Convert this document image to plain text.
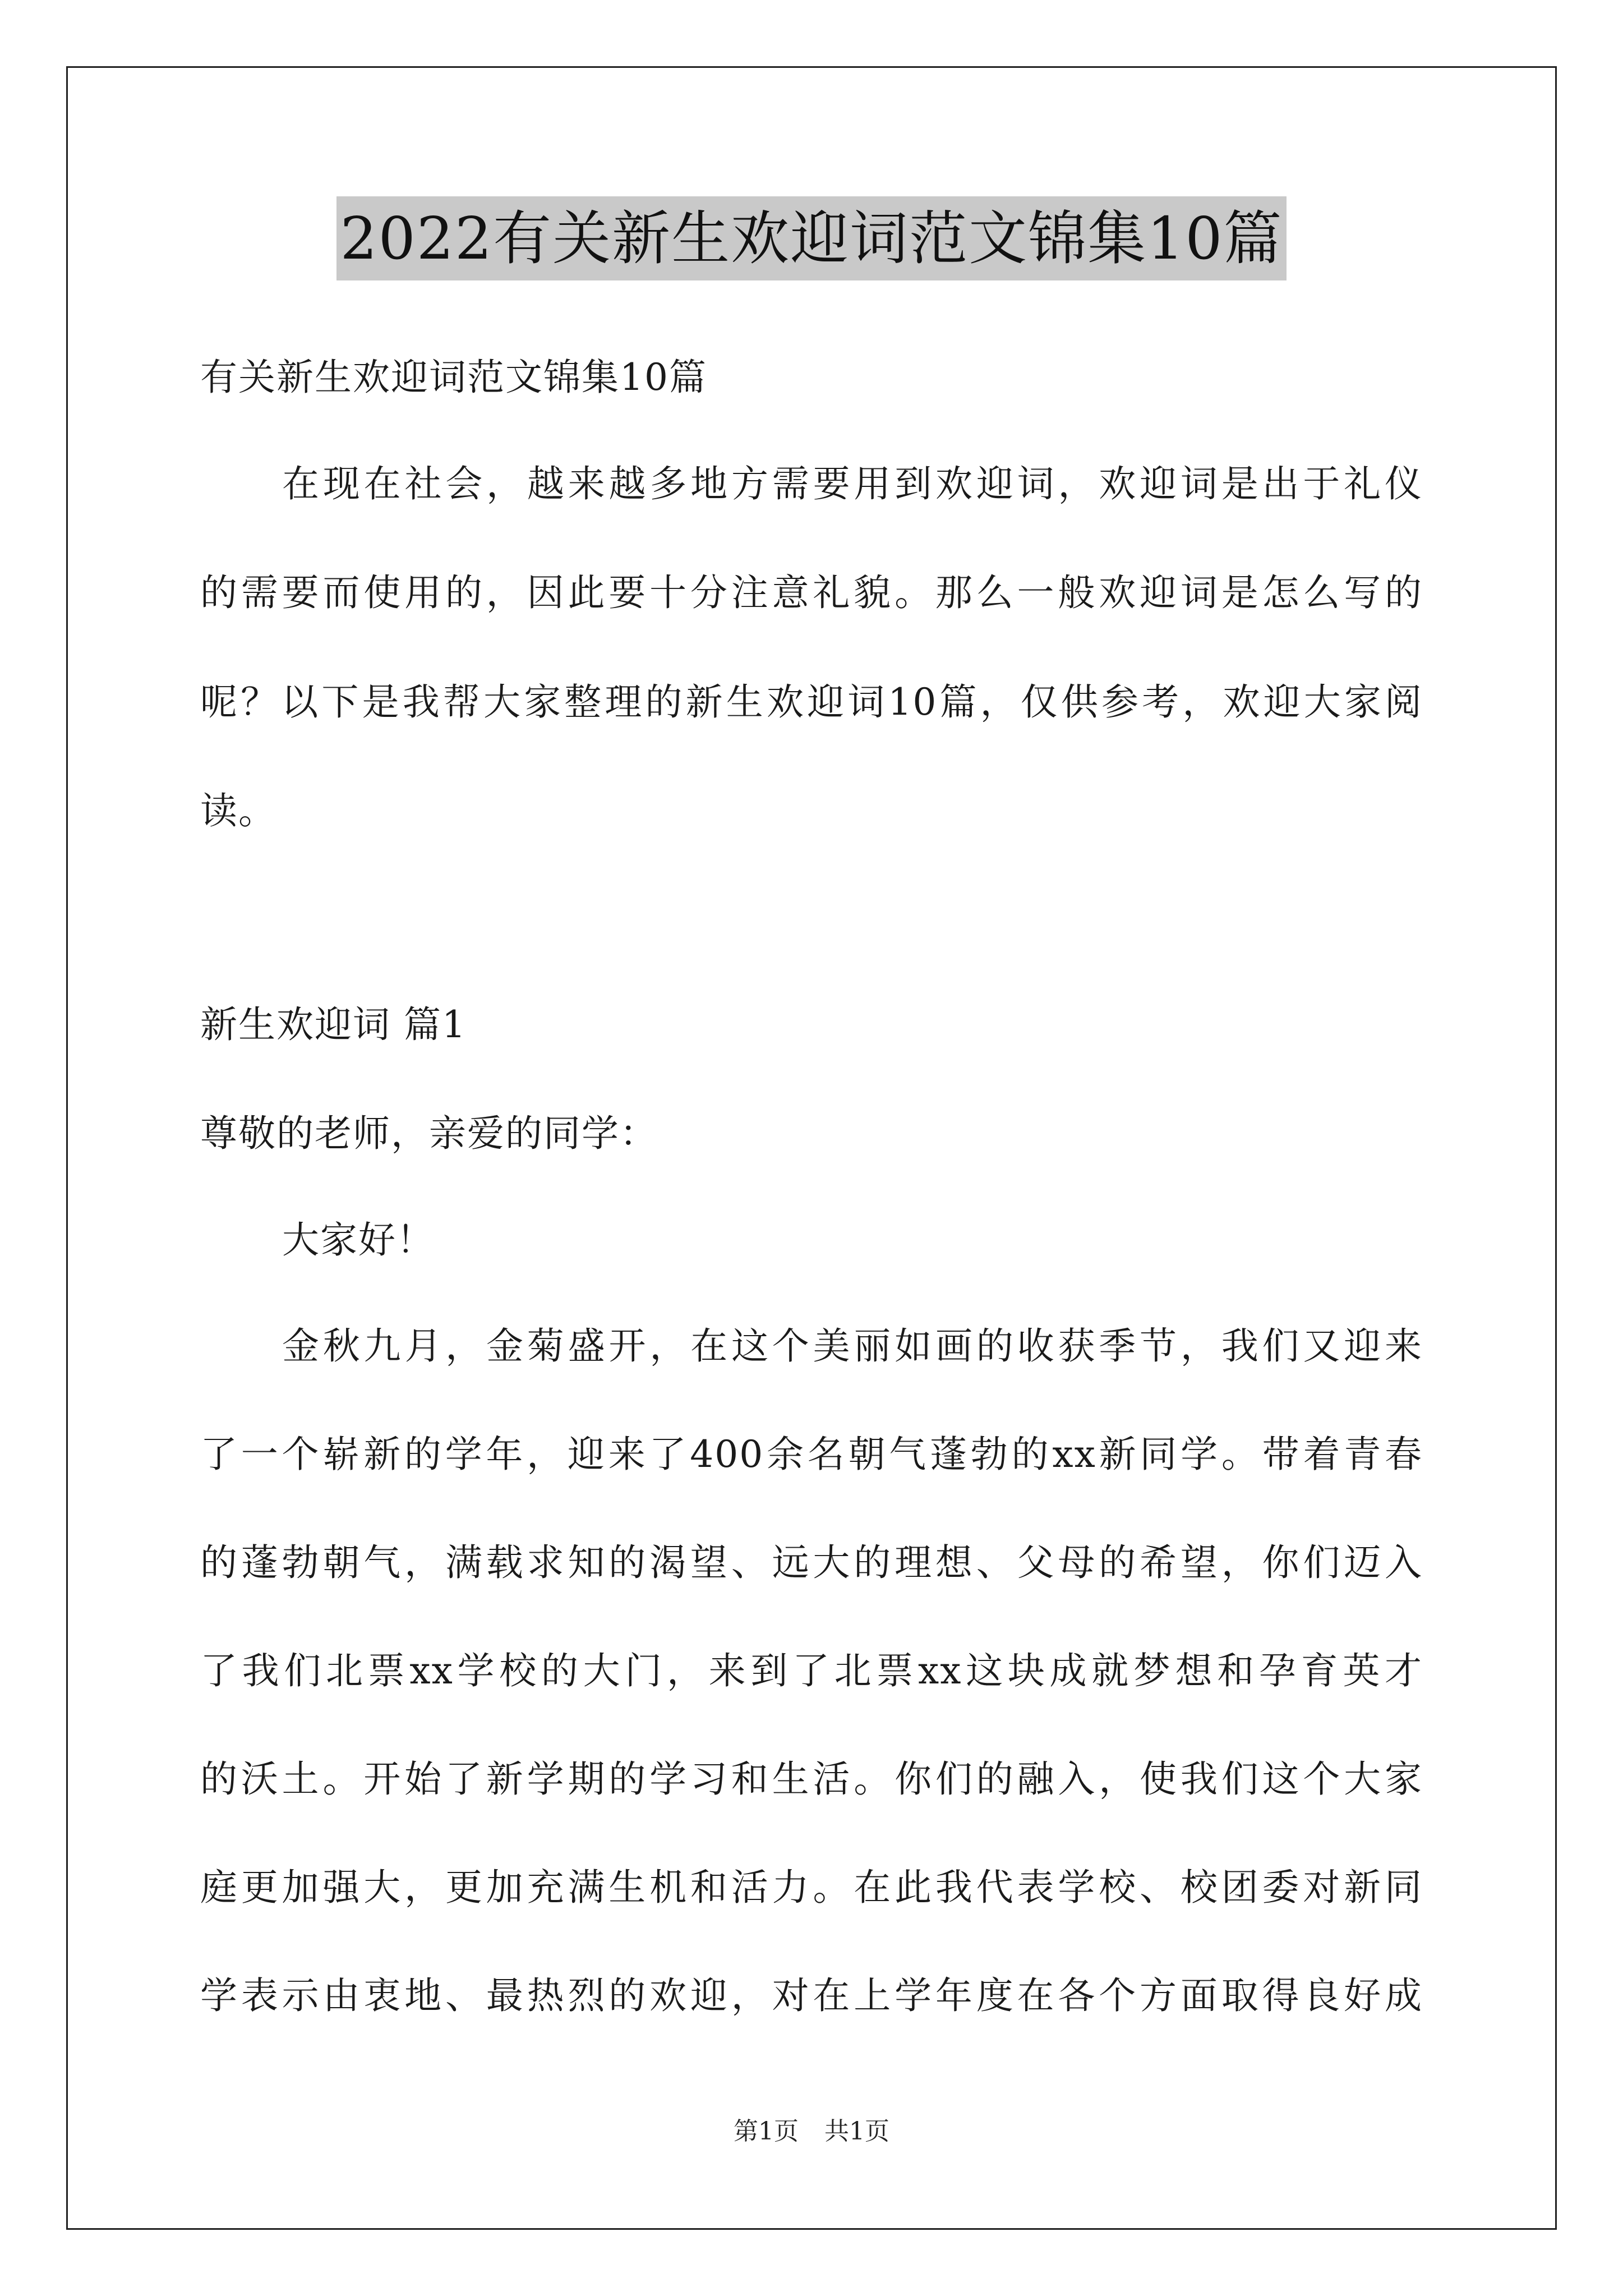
2022有关新生欢迎词范文锦集10篇
有关新生欢迎词范文锦集10篇
在现在社会，越来越多地方需要用到欢迎词，欢迎词是出于礼仪
的需要而使用的，因此要十分注意礼貌。那么一般欢迎词是怎么写的
呢？以下是我帮大家整理的新生欢迎词10篇，仅供参考，欢迎大家阅
读。
新生欢迎词 篇1
尊敬的老师，亲爱的同学：
大家好！
金秋九月，金菊盛开，在这个美丽如画的收获季节，我们又迎来
了一个崭新的学年，迎来了400余名朝气蓬勃的xx新同学。带着青春
的蓬勃朝气，满载求知的渴望、远大的理想、父母的希望，你们迈入
了我们北票xx学校的大门，来到了北票xx这块成就梦想和孕育英才
的沃土。开始了新学期的学习和生活。你们的融入，使我们这个大家
庭更加强大，更加充满生机和活力。在此我代表学校、校团委对新同
学表示由衷地、最热烈的欢迎，对在上学年度在各个方面取得良好成
第1页 共1页
